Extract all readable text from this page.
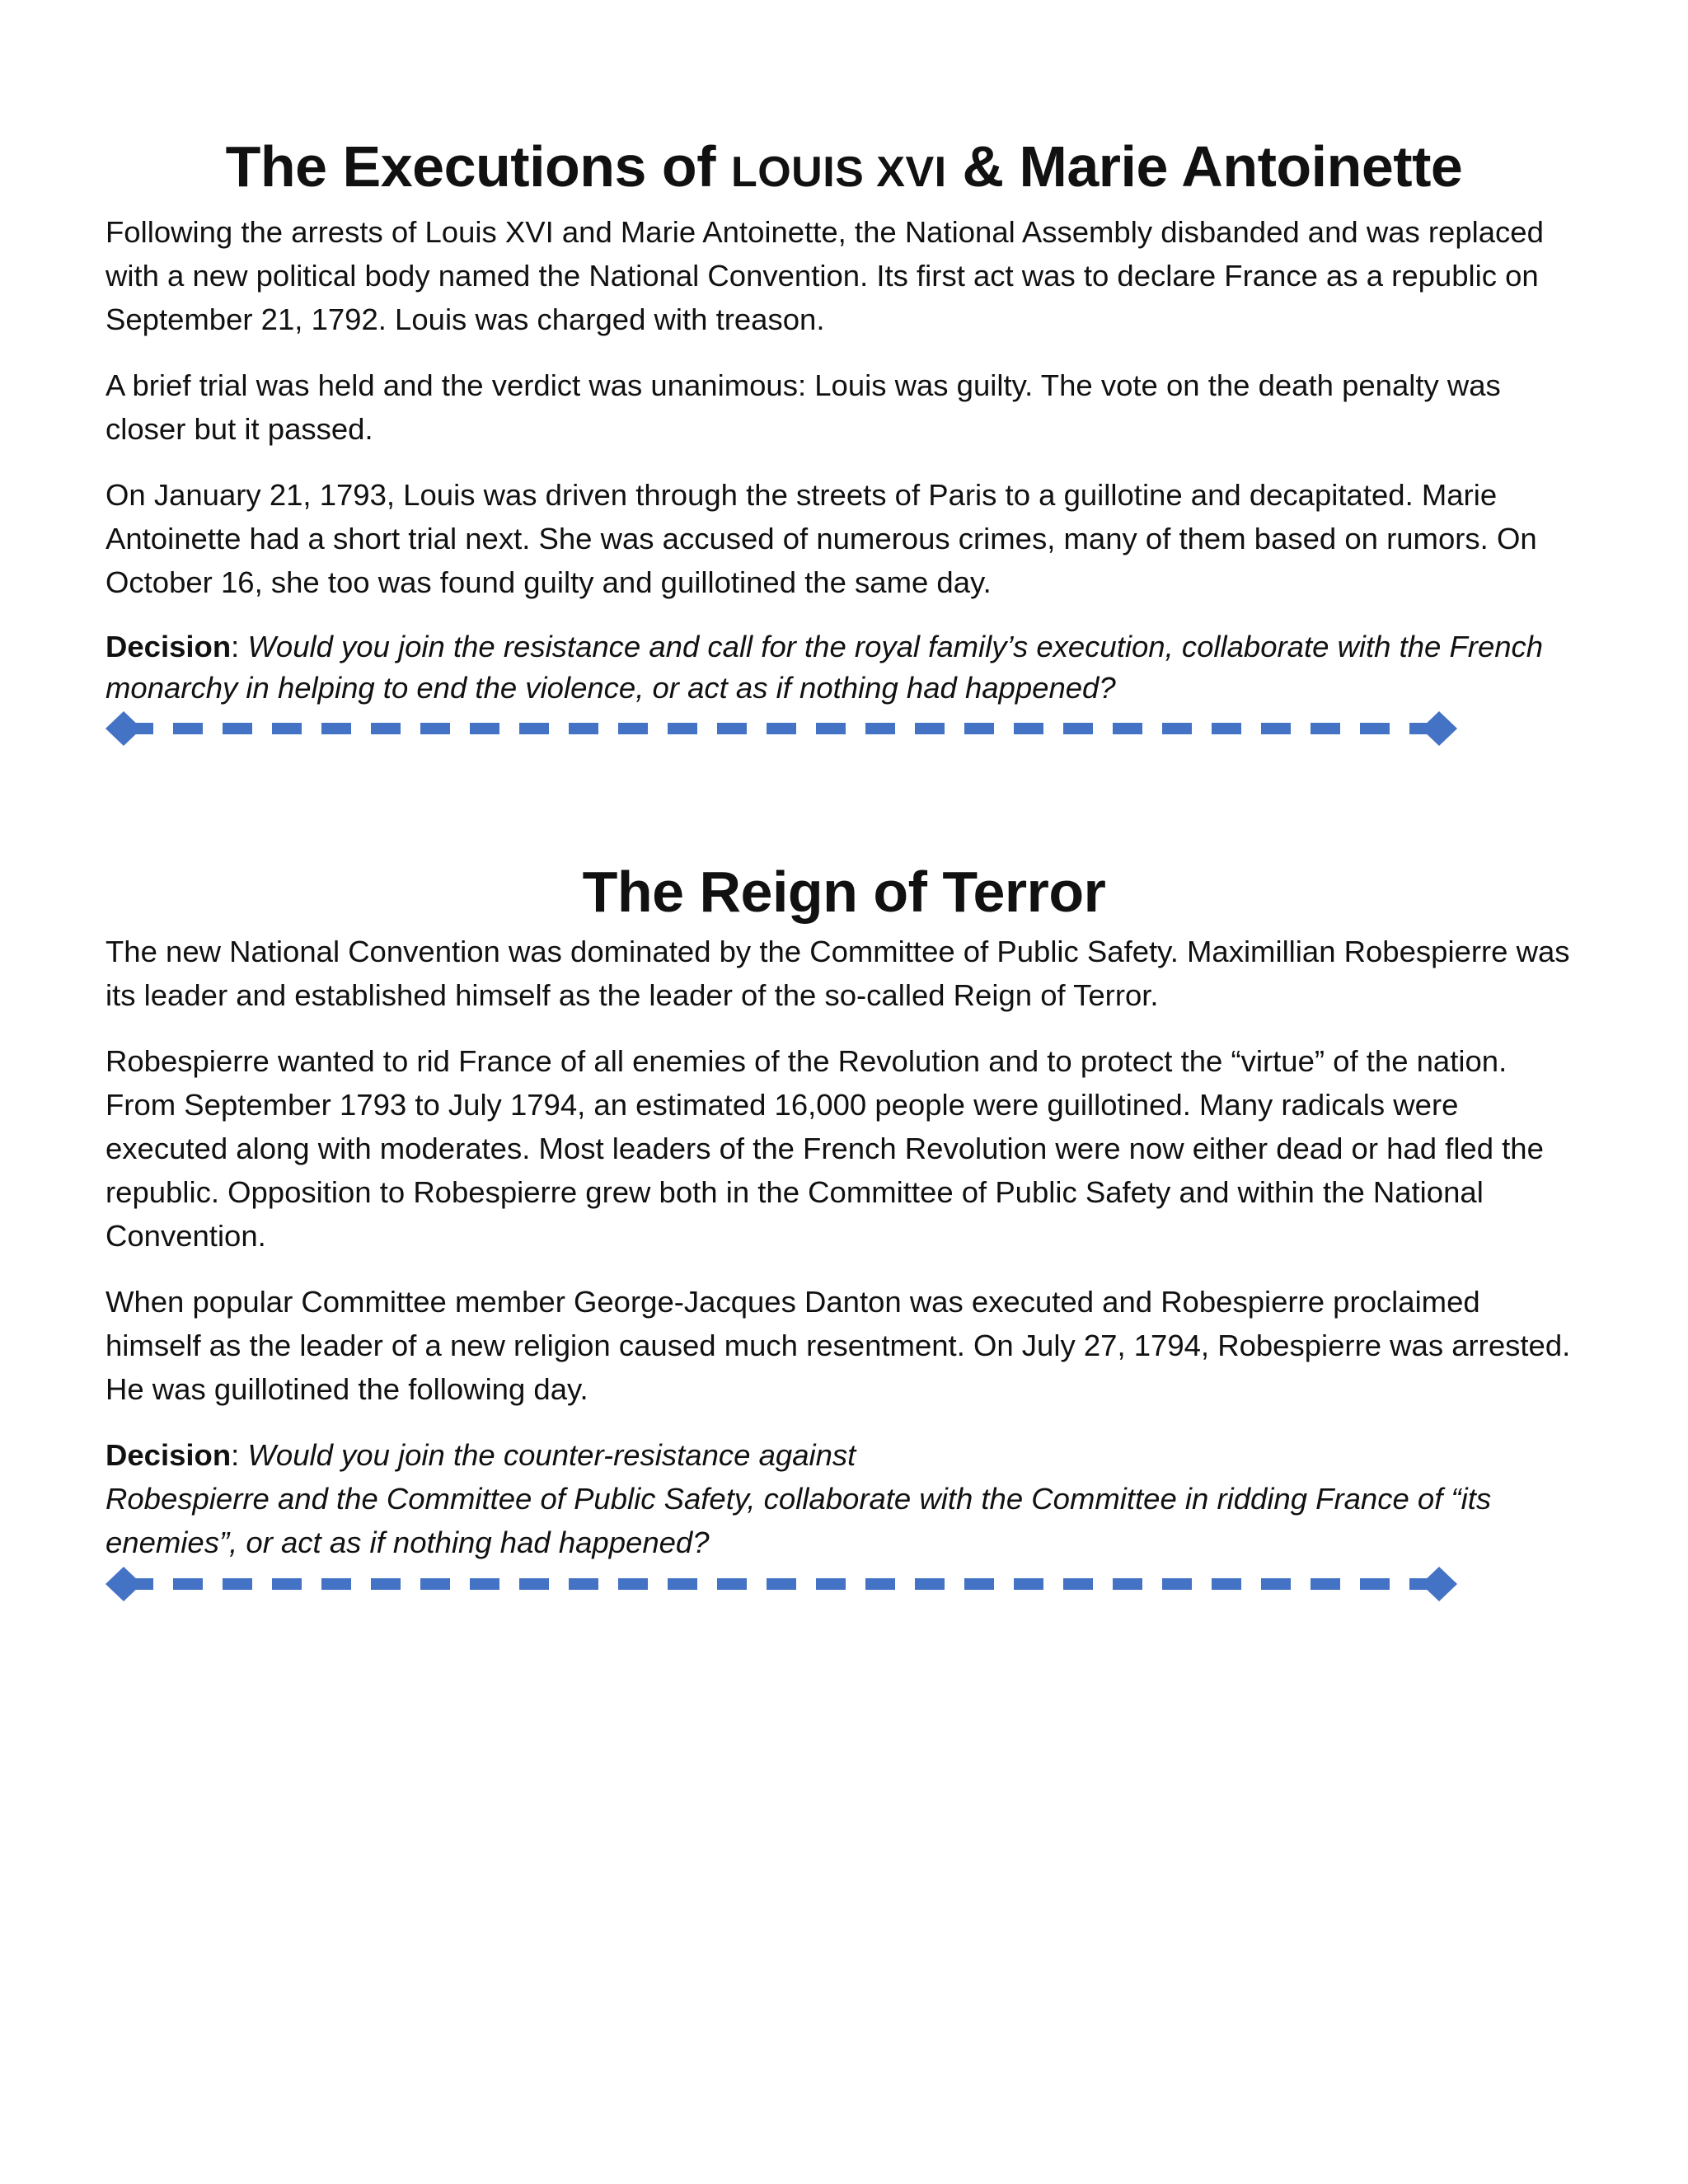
The Executions of LOUIS XVI & Marie Antoinette

Following the arrests of Louis XVI and Marie Antoinette, the National Assembly disbanded and was replaced with a new political body named the National Convention. Its first act was to declare France as a republic on September 21, 1792. Louis was charged with treason.

A brief trial was held and the verdict was unanimous: Louis was guilty. The vote on the death penalty was closer but it passed.

On January 21, 1793, Louis was driven through the streets of Paris to a guillotine and decapitated. Marie Antoinette had a short trial next. She was accused of numerous crimes, many of them based on rumors. On October 16, she too was found guilty and guillotined the same day.

Decision: Would you join the resistance and call for the royal family’s execution, collaborate with the French monarchy in helping to end the violence, or act as if nothing had happened?

The Reign of Terror

The new National Convention was dominated by the Committee of Public Safety. Maximillian Robespierre was its leader and established himself as the leader of the so-called Reign of Terror.

Robespierre wanted to rid France of all enemies of the Revolution and to protect the “virtue” of the nation. From September 1793 to July 1794, an estimated 16,000 people were guillotined. Many radicals were executed along with moderates. Most leaders of the French Revolution were now either dead or had fled the republic. Opposition to Robespierre grew both in the Committee of Public Safety and within the National Convention.

When popular Committee member George-Jacques Danton was executed and Robespierre proclaimed himself as the leader of a new religion caused much resentment. On July 27, 1794, Robespierre was arrested. He was guillotined the following day.

Decision: Would you join the counter-resistance against
Robespierre and the Committee of Public Safety, collaborate with the Committee in ridding France of “its enemies”, or act as if nothing had happened?
